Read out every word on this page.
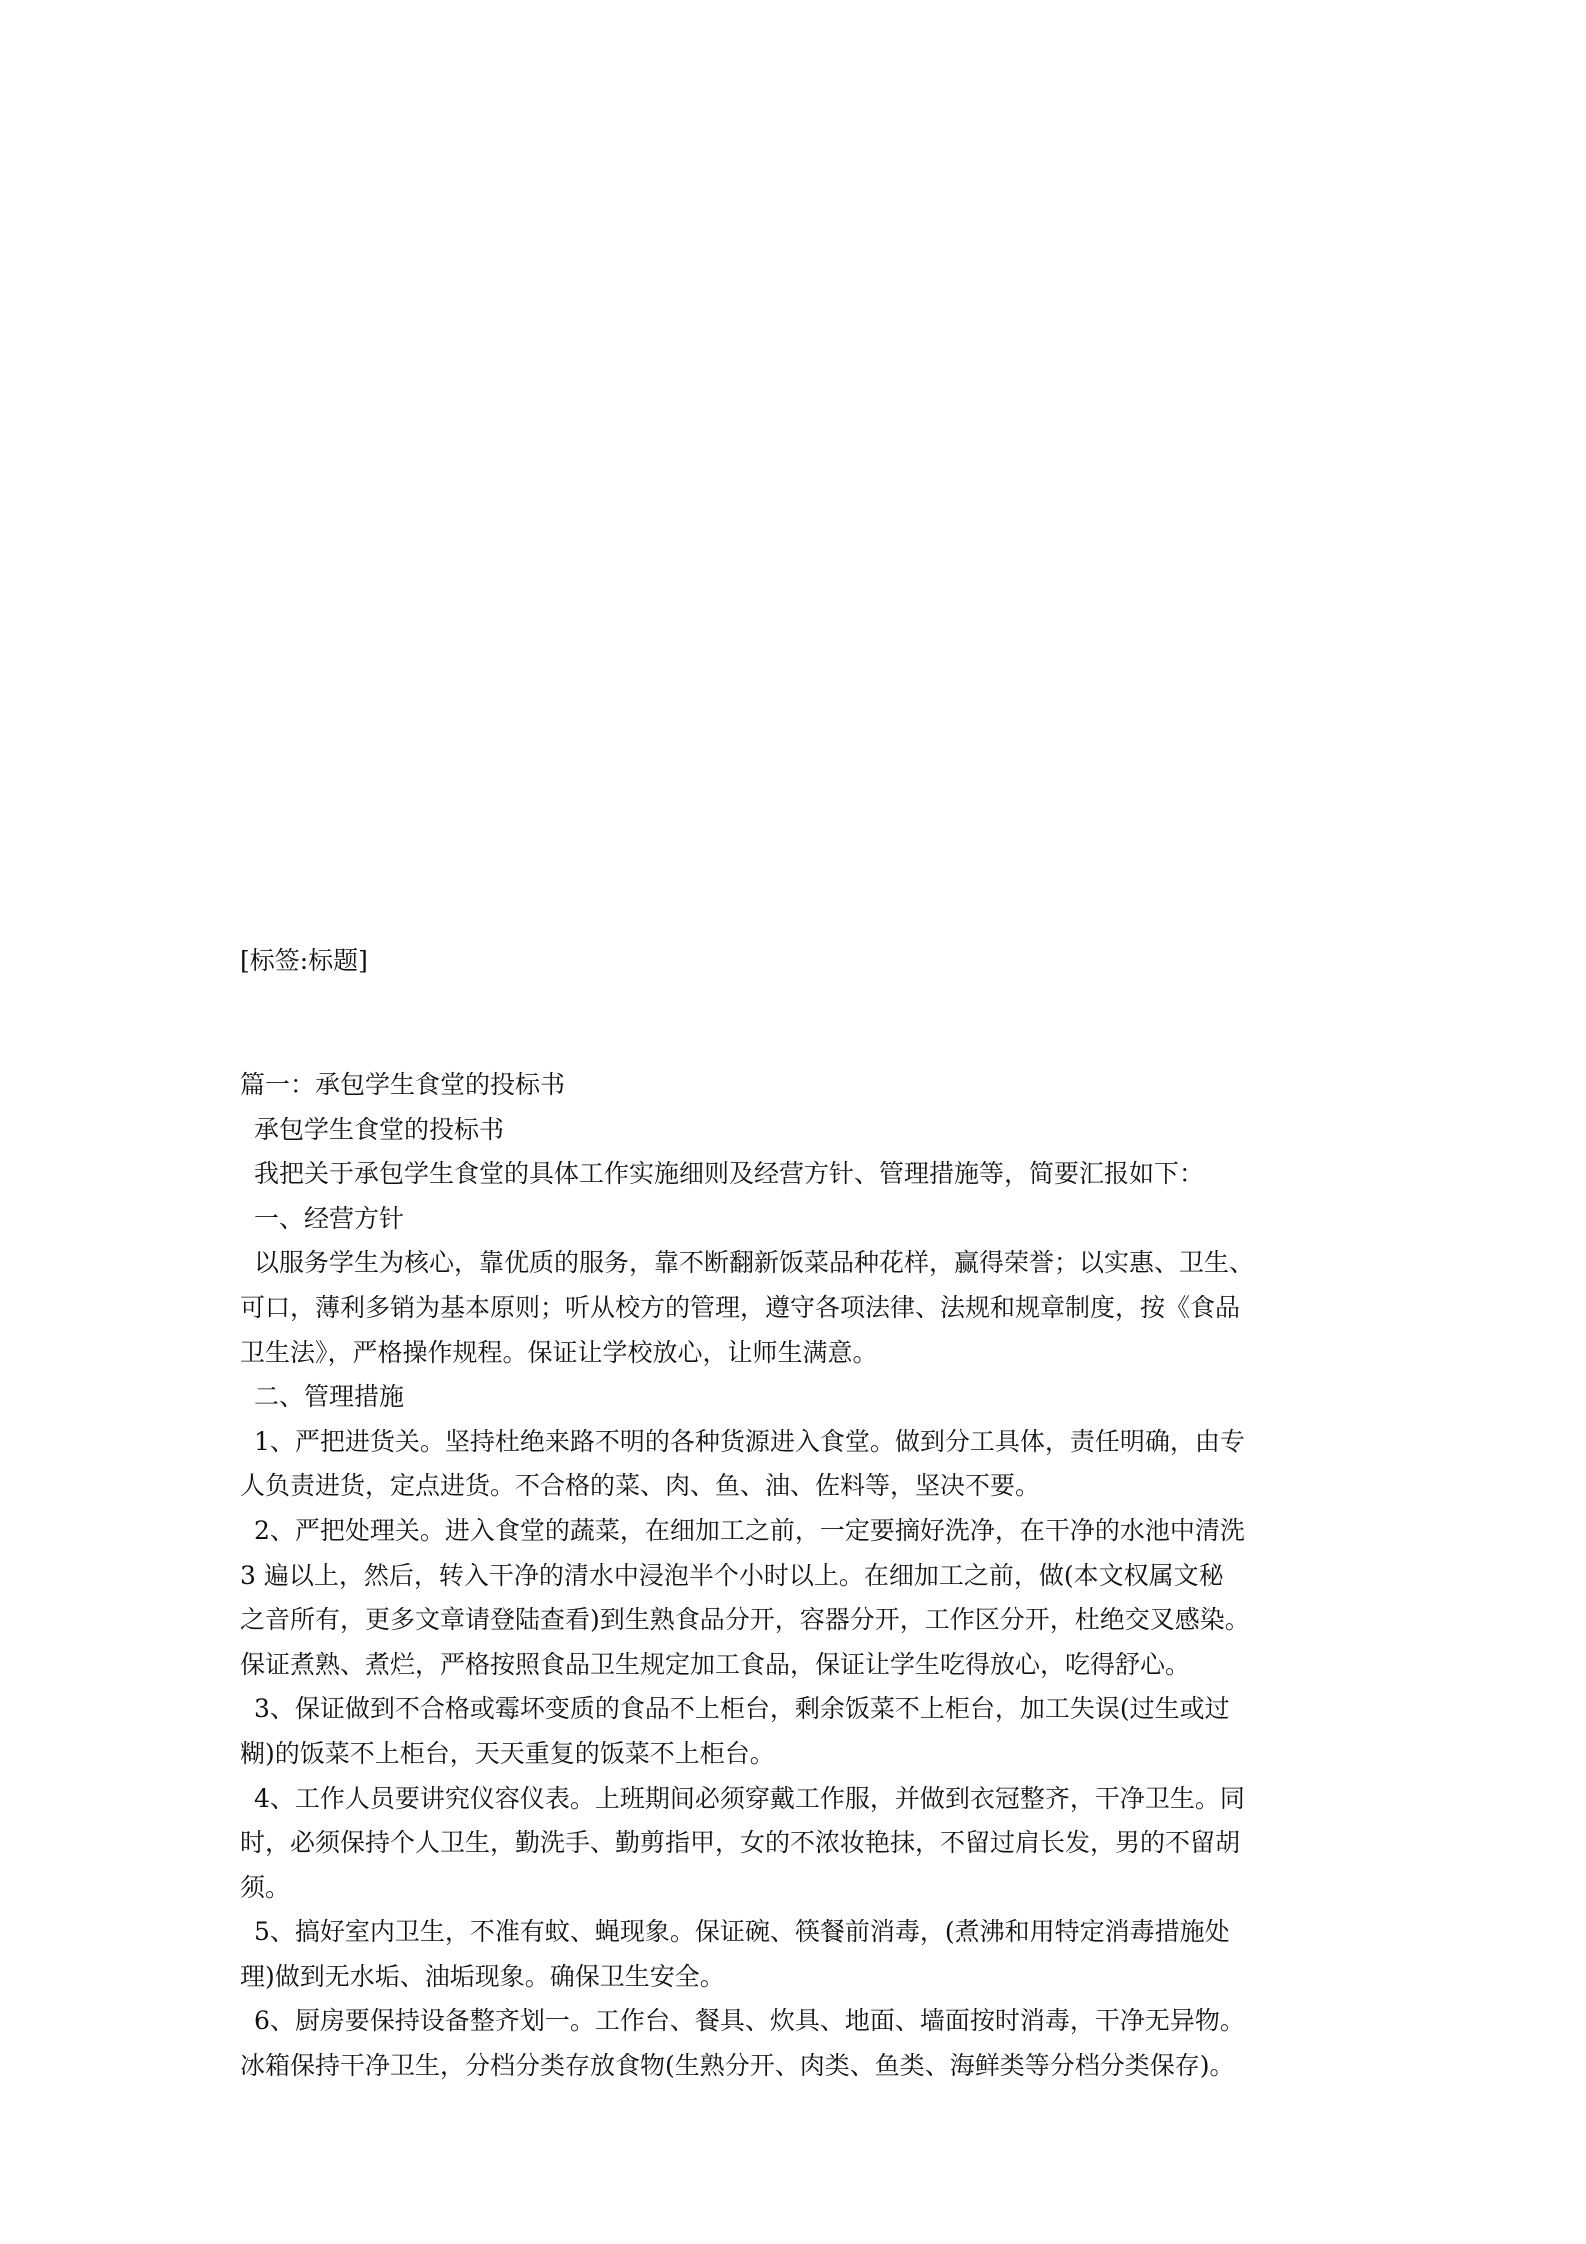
[标签:标题]
篇一：承包学生食堂的投标书
承包学生食堂的投标书
我把关于承包学生食堂的具体工作实施细则及经营方针、管理措施等，简要汇报如下：
一、经营方针
以服务学生为核心，靠优质的服务，靠不断翻新饭菜品种花样，赢得荣誉；以实惠、卫生、
可口，薄利多销为基本原则；听从校方的管理，遵守各项法律、法规和规章制度，按《食品
卫生法》，严格操作规程。保证让学校放心，让师生满意。
二、管理措施
1、严把进货关。坚持杜绝来路不明的各种货源进入食堂。做到分工具体，责任明确，由专
人负责进货，定点进货。不合格的菜、肉、鱼、油、佐料等，坚决不要。
2、严把处理关。进入食堂的蔬菜，在细加工之前，一定要摘好洗净，在干净的水池中清洗
3 遍以上，然后，转入干净的清水中浸泡半个小时以上。在细加工之前，做(本文权属文秘
之音所有，更多文章请登陆查看)到生熟食品分开，容器分开，工作区分开，杜绝交叉感染。
保证煮熟、煮烂，严格按照食品卫生规定加工食品，保证让学生吃得放心，吃得舒心。
3、保证做到不合格或霉坏变质的食品不上柜台，剩余饭菜不上柜台，加工失误(过生或过
糊)的饭菜不上柜台，天天重复的饭菜不上柜台。
4、工作人员要讲究仪容仪表。上班期间必须穿戴工作服，并做到衣冠整齐，干净卫生。同
时，必须保持个人卫生，勤洗手、勤剪指甲，女的不浓妆艳抹，不留过肩长发，男的不留胡
须。
5、搞好室内卫生，不准有蚊、蝇现象。保证碗、筷餐前消毒，(煮沸和用特定消毒措施处
理)做到无水垢、油垢现象。确保卫生安全。
6、厨房要保持设备整齐划一。工作台、餐具、炊具、地面、墙面按时消毒，干净无异物。
冰箱保持干净卫生，分档分类存放食物(生熟分开、肉类、鱼类、海鲜类等分档分类保存)。
